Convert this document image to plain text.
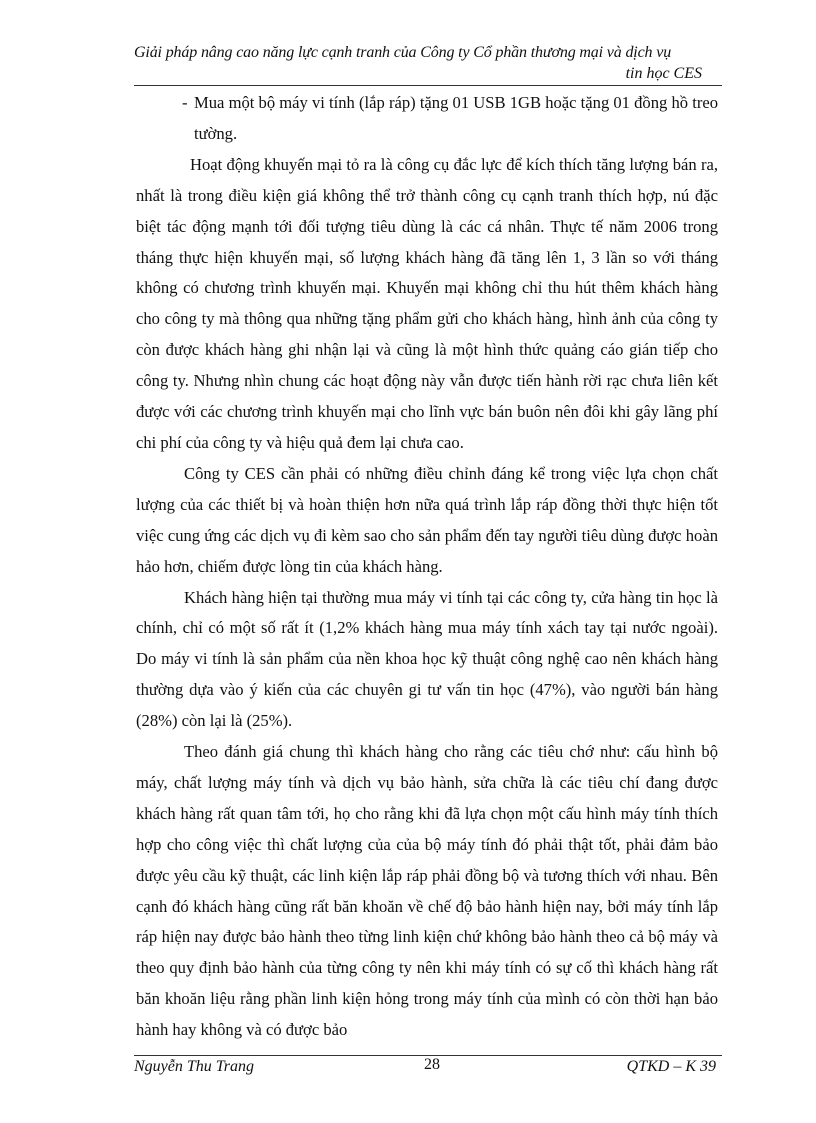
Giải pháp nâng cao năng lực cạnh tranh của Công ty Cổ phần thương mại và dịch vụ
tin học CES
- Mua một bộ máy vi tính (lắp ráp) tặng 01 USB 1GB hoặc tặng 01 đồng hồ treo tường.

Hoạt động khuyến mại tỏ ra là công cụ đắc lực để kích thích tăng lượng bán ra, nhất là trong điều kiện giá không thể trở thành công cụ cạnh tranh thích hợp, nú đặc biệt tác động mạnh tới đối tượng tiêu dùng là các cá nhân. Thực tế năm 2006 trong tháng thực hiện khuyến mại, số lượng khách hàng đã tăng lên 1, 3 lần so với tháng không có chương trình khuyến mại. Khuyến mại không chỉ thu hút thêm khách hàng cho công ty mà thông qua những tặng phẩm gửi cho khách hàng, hình ảnh của công ty còn được khách hàng ghi nhận lại và cũng là một hình thức quảng cáo gián tiếp cho công ty. Nhưng nhìn chung các hoạt động này vẫn được tiến hành rời rạc chưa liên kết được với các chương trình khuyến mại cho lĩnh vực bán buôn nên đôi khi gây lãng phí chi phí của công ty và hiệu quả đem lại chưa cao.

Công ty CES cần phải có những điều chỉnh đáng kể trong việc lựa chọn chất lượng của các thiết bị và hoàn thiện hơn nữa quá trình lắp ráp đồng thời thực hiện tốt việc cung ứng các dịch vụ đi kèm sao cho sản phẩm đến tay người tiêu dùng được hoàn hảo hơn, chiếm được lòng tin của khách hàng.

Khách hàng hiện tại thường mua máy vi tính tại các công ty, cửa hàng tin học là chính, chỉ có một số rất ít (1,2% khách hàng mua máy tính xách tay tại nước ngoài). Do máy vi tính là sản phẩm của nền khoa học kỹ thuật công nghệ cao nên khách hàng thường dựa vào ý kiến của các chuyên gi tư vấn tin học (47%), vào người bán hàng (28%) còn lại là (25%).

Theo đánh giá chung thì khách hàng cho rằng các tiêu chớ như: cấu hình bộ máy, chất lượng máy tính và dịch vụ bảo hành, sửa chữa là các tiêu chí đang được khách hàng rất quan tâm tới, họ cho rằng khi đã lựa chọn một cấu hình máy tính thích hợp cho công việc thì chất lượng của của bộ máy tính đó phải thật tốt, phải đảm bảo được yêu cầu kỹ thuật, các linh kiện lắp ráp phải đồng bộ và tương thích với nhau. Bên cạnh đó khách hàng cũng rất băn khoăn về chế độ bảo hành hiện nay, bởi máy tính lắp ráp hiện nay được bảo hành theo từng linh kiện chứ không bảo hành theo cả bộ máy và theo quy định bảo hành của từng công ty nên khi máy tính có sự cố thì khách hàng rất băn khoăn liệu rằng phần linh kiện hỏng trong máy tính của mình có còn thời hạn bảo hành hay không và có được bảo

Nguyễn Thu Trang	28	QTKD – K 39
